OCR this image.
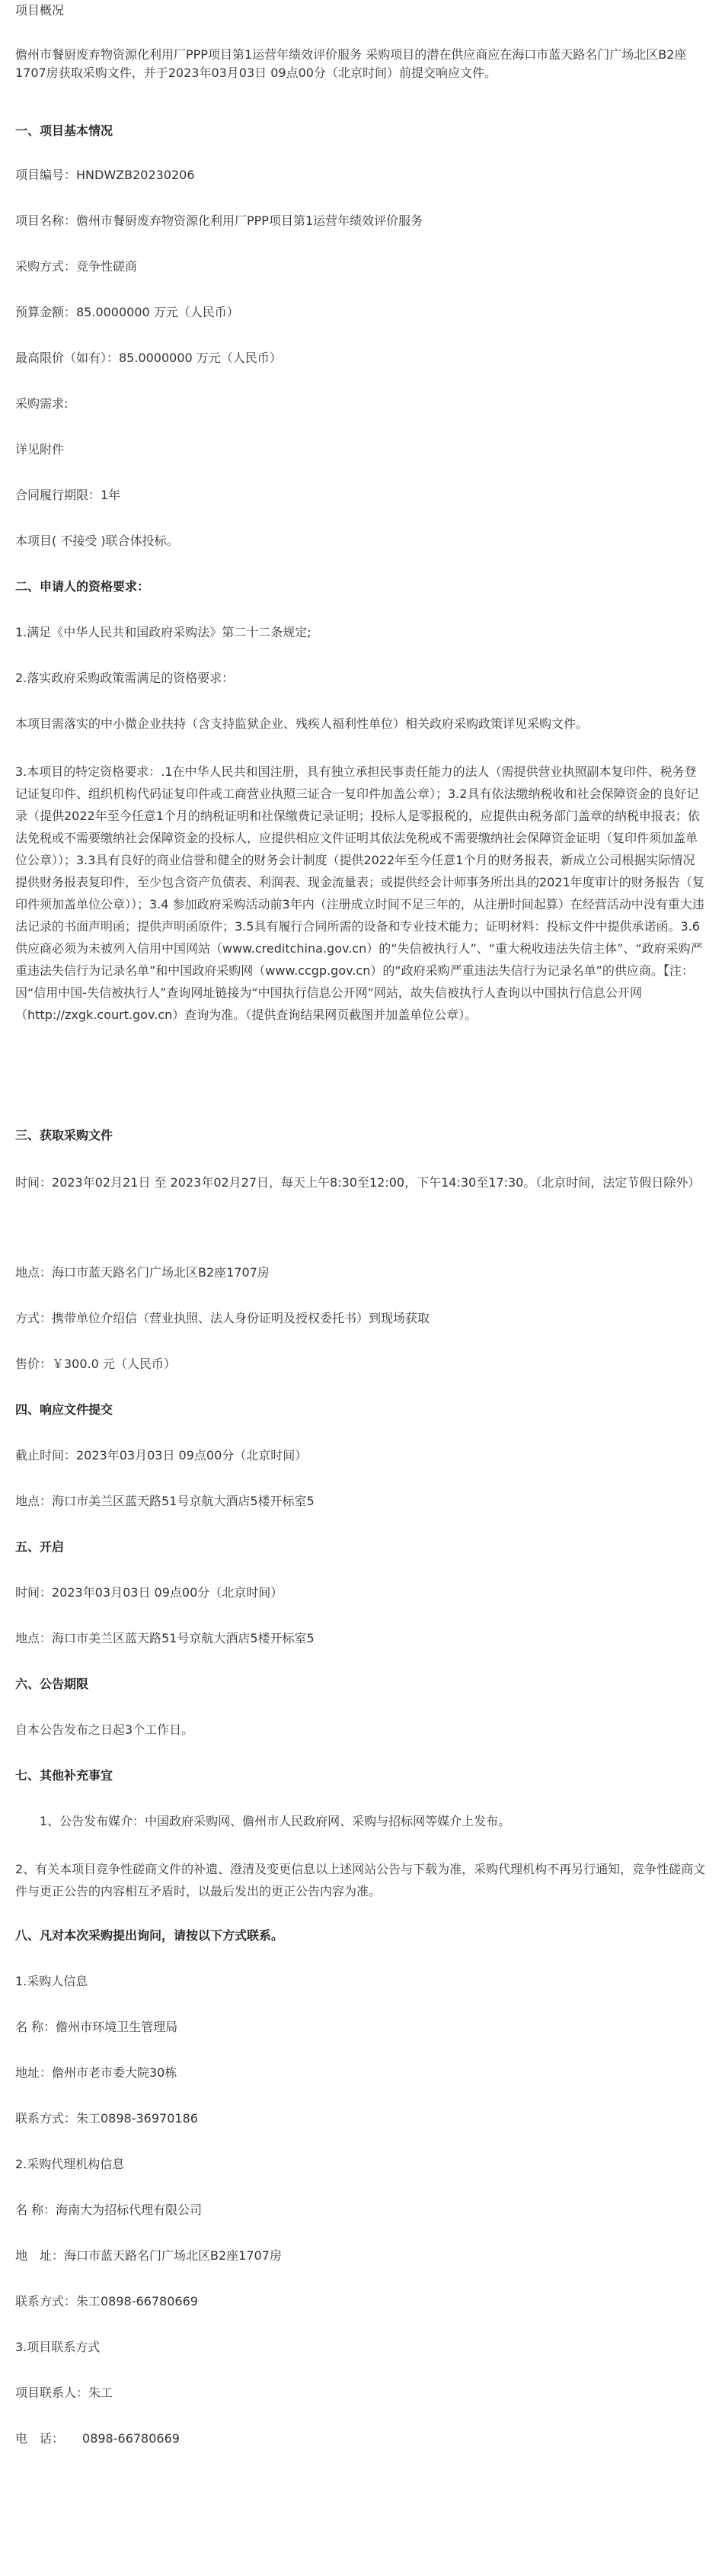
项目概况

儋州市餐厨废弃物资源化利用厂PPP项目第1运营年绩效评价服务 采购项目的潜在供应商应在海口市蓝天路名门广场北区B2座1707房获取采购文件，并于2023年03月03日 09点00分（北京时间）前提交响应文件。

一、项目基本情况

项目编号：HNDWZB20230206

项目名称：儋州市餐厨废弃物资源化利用厂PPP项目第1运营年绩效评价服务

采购方式：竞争性磋商

预算金额：85.0000000 万元（人民币）

最高限价（如有）：85.0000000 万元（人民币）

采购需求:

详见附件

合同履行期限：1年

本项目( 不接受 )联合体投标。

二、申请人的资格要求：

1.满足《中华人民共和国政府采购法》第二十二条规定;

2.落实政府采购政策需满足的资格要求：

本项目需落实的中小微企业扶持（含支持监狱企业、残疾人福利性单位）相关政府采购政策详见采购文件。

3.本项目的特定资格要求：.1在中华人民共和国注册，具有独立承担民事责任能力的法人（需提供营业执照副本复印件、税务登记证复印件、组织机构代码证复印件或工商营业执照三证合一复印件加盖公章）；3.2具有依法缴纳税收和社会保障资金的良好记录（提供2022年至今任意1个月的纳税证明和社保缴费记录证明；投标人是零报税的，应提供由税务部门盖章的纳税申报表；依法免税或不需要缴纳社会保障资金的投标人，应提供相应文件证明其依法免税或不需要缴纳社会保障资金证明（复印件须加盖单位公章））；3.3具有良好的商业信誉和健全的财务会计制度（提供2022年至今任意1个月的财务报表，新成立公司根据实际情况提供财务报表复印件，至少包含资产负债表、利润表、现金流量表；或提供经会计师事务所出具的2021年度审计的财务报告（复印件须加盖单位公章））；3.4 参加政府采购活动前3年内（注册成立时间不足三年的，从注册时间起算）在经营活动中没有重大违法记录的书面声明函；提供声明函原件；3.5具有履行合同所需的设备和专业技术能力；证明材料：投标文件中提供承诺函。3.6供应商必须为未被列入信用中国网站（www.creditchina.gov.cn）的“失信被执行人”、“重大税收违法失信主体”、“政府采购严重违法失信行为记录名单”和中国政府采购网（www.ccgp.gov.cn）的“政府采购严重违法失信行为记录名单”的供应商。【注：因“信用中国-失信被执行人”查询网址链接为“中国执行信息公开网”网站，故失信被执行人查询以中国执行信息公开网（http://zxgk.court.gov.cn）查询为准。（提供查询结果网页截图并加盖单位公章）。

三、获取采购文件

时间：2023年02月21日 至 2023年02月27日，每天上午8:30至12:00，下午14:30至17:30。（北京时间，法定节假日除外）

地点：海口市蓝天路名门广场北区B2座1707房

方式：携带单位介绍信（营业执照、法人身份证明及授权委托书）到现场获取

售价：￥300.0 元（人民币）

四、响应文件提交

截止时间：2023年03月03日 09点00分（北京时间）

地点：海口市美兰区蓝天路51号京航大酒店5楼开标室5

五、开启

时间：2023年03月03日 09点00分（北京时间）

地点：海口市美兰区蓝天路51号京航大酒店5楼开标室5

六、公告期限

自本公告发布之日起3个工作日。

七、其他补充事宜

1、公告发布媒介：中国政府采购网、儋州市人民政府网、采购与招标网等媒介上发布。

2、有关本项目竞争性磋商文件的补遗、澄清及变更信息以上述网站公告与下载为准，采购代理机构不再另行通知，竞争性磋商文件与更正公告的内容相互矛盾时，以最后发出的更正公告内容为准。

八、凡对本次采购提出询问，请按以下方式联系。

1.采购人信息

名 称：儋州市环境卫生管理局

地址：儋州市老市委大院30栋

联系方式：朱工0898-36970186

2.采购代理机构信息

名 称：海南大为招标代理有限公司

地　址：海口市蓝天路名门广场北区B2座1707房

联系方式：朱工0898-66780669

3.项目联系方式

项目联系人：朱工

电　话： 0898-66780669
